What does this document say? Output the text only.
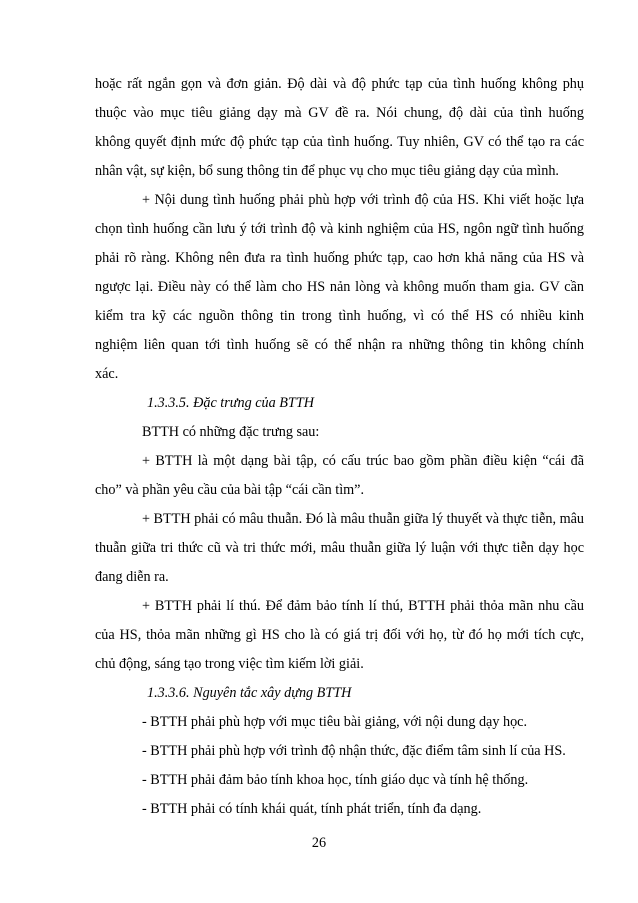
hoặc rất ngắn gọn và đơn giản. Độ dài và độ phức tạp của tình huống không phụ
thuộc vào mục tiêu giảng dạy mà GV đề ra. Nói chung, độ dài của tình huống
không quyết định mức độ phức tạp của tình huống. Tuy nhiên, GV có thể tạo ra các
nhân vật, sự kiện, bổ sung thông tin để phục vụ cho mục tiêu giảng dạy của mình.
+ Nội dung tình huống phải phù hợp với trình độ của HS. Khi viết hoặc lựa
chọn tình huống cần lưu ý tới trình độ và kinh nghiệm của HS, ngôn ngữ tình huống
phải rõ ràng. Không nên đưa ra tình huống phức tạp, cao hơn khả năng của HS và
ngược lại. Điều này có thể làm cho HS nản lòng và không muốn tham gia. GV cần
kiểm tra kỹ các nguồn thông tin trong tình huống, vì có thể HS có nhiều kinh
nghiệm liên quan tới tình huống sẽ có thể nhận ra những thông tin không chính
xác.
1.3.3.5. Đặc trưng của BTTH
BTTH có những đặc trưng sau:
+ BTTH là một dạng bài tập, có cấu trúc bao gồm phần điều kiện “cái đã
cho” và phần yêu cầu của bài tập “cái cần tìm”.
+ BTTH phải có mâu thuẫn. Đó là mâu thuẫn giữa lý thuyết và thực tiễn, mâu
thuẫn giữa tri thức cũ và tri thức mới, mâu thuẫn giữa lý luận với thực tiễn dạy học
đang diễn ra.
+ BTTH phải lí thú. Để đảm bảo tính lí thú, BTTH phải thỏa mãn nhu cầu
của HS, thỏa mãn những gì HS cho là có giá trị đối với họ, từ đó họ mới tích cực,
chủ động, sáng tạo trong việc tìm kiếm lời giải.
1.3.3.6. Nguyên tắc xây dựng BTTH
- BTTH phải phù hợp với mục tiêu bài giảng, với nội dung dạy học.
- BTTH phải phù hợp với trình độ nhận thức, đặc điểm tâm sinh lí của HS.
- BTTH phải đảm bảo tính khoa học, tính giáo dục và tính hệ thống.
- BTTH phải có tính khái quát, tính phát triển, tính đa dạng.
26
